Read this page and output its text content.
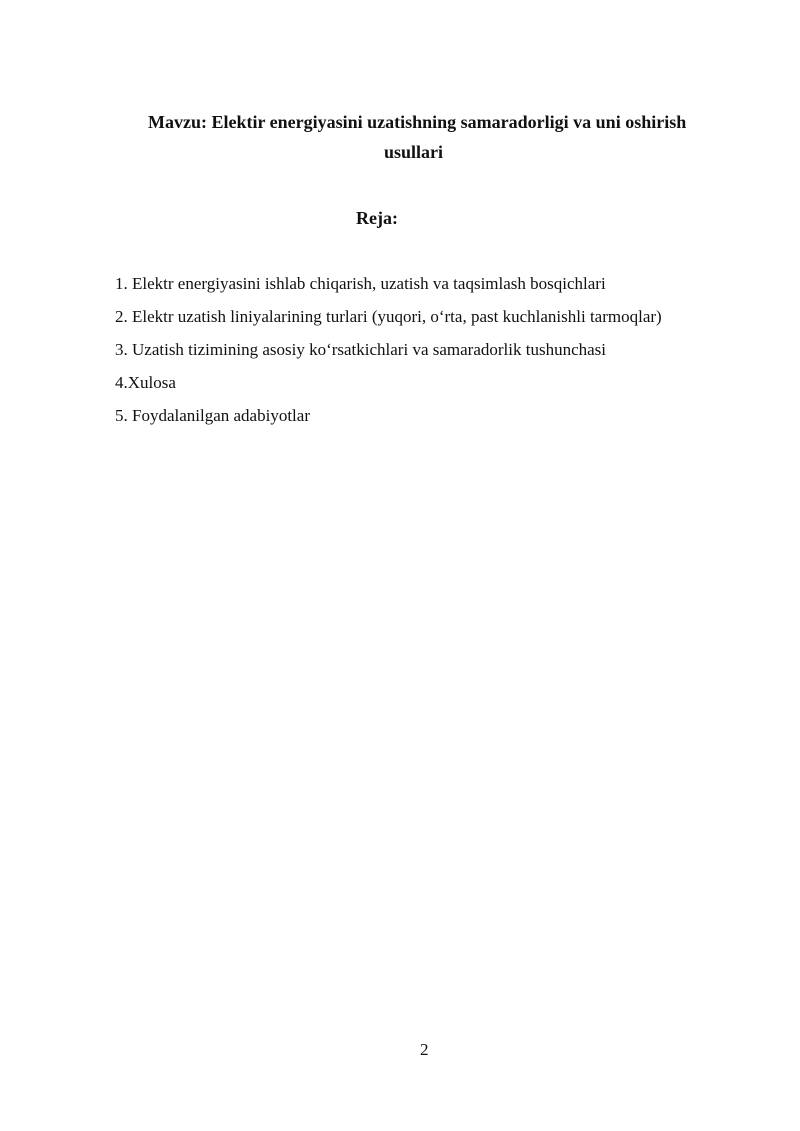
Mavzu: Elektir energiyasini uzatishning samaradorligi va uni oshirish
usullari
Reja:
1. Elektr energiyasini ishlab chiqarish, uzatish va taqsimlash bosqichlari
2. Elektr uzatish liniyalarining turlari (yuqori, o‘rta, past kuchlanishli tarmoqlar)
3. Uzatish tizimining asosiy ko‘rsatkichlari va samaradorlik tushunchasi
4.Xulosa
5. Foydalanilgan adabiyotlar
2
